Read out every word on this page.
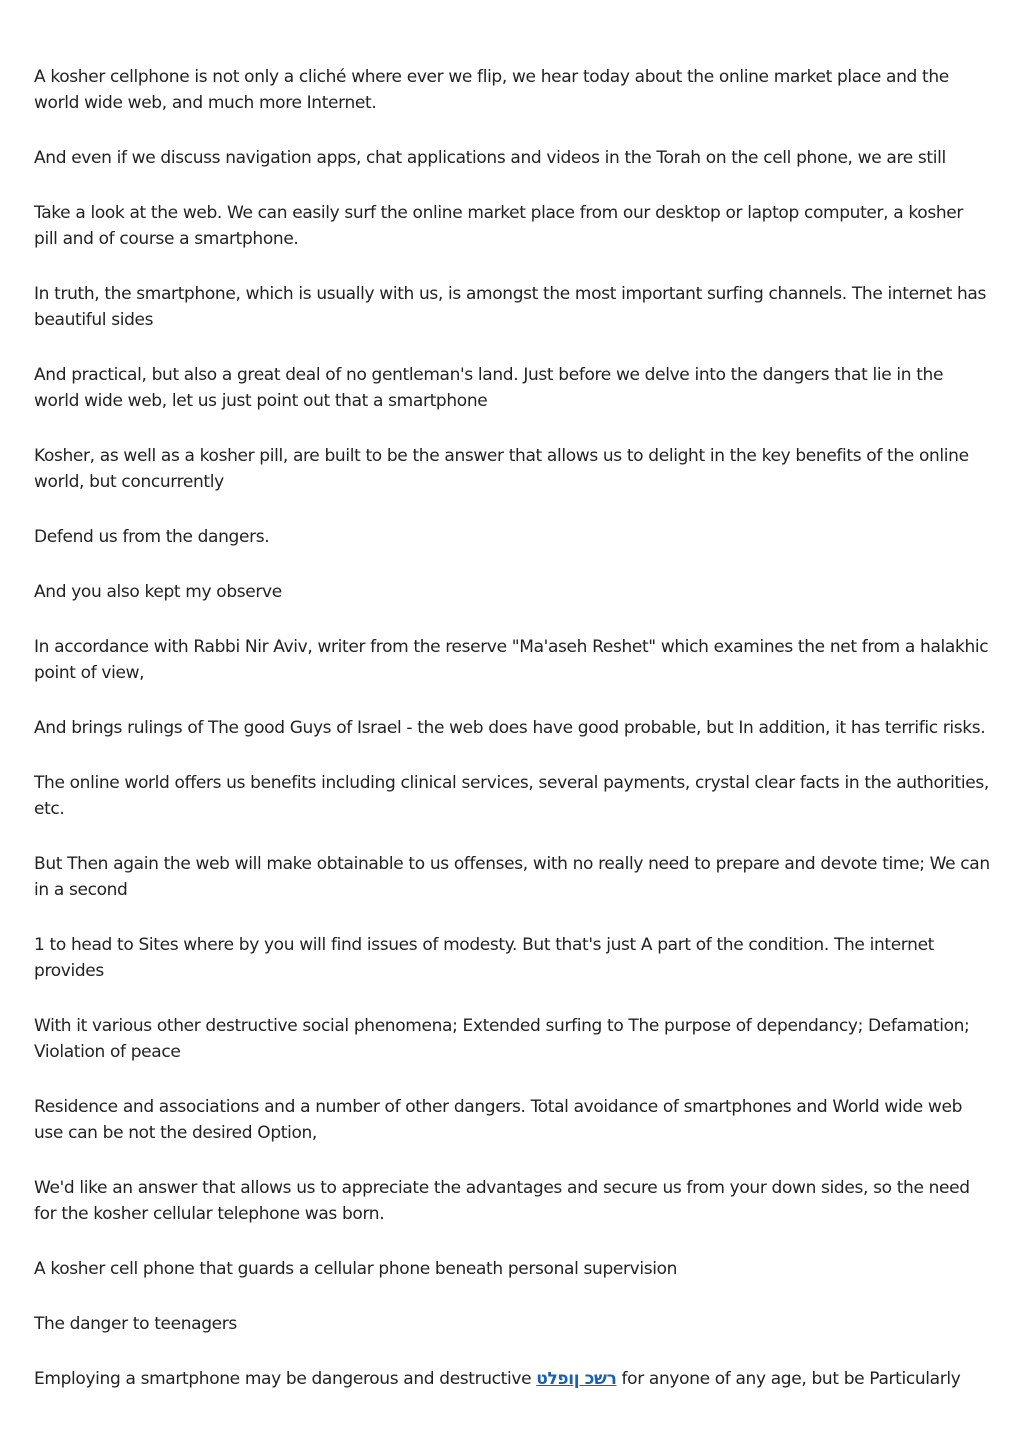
A kosher cellphone is not only a cliché where ever we flip, we hear today about the online market place and the world wide web, and much more Internet.

And even if we discuss navigation apps, chat applications and videos in the Torah on the cell phone, we are still

Take a look at the web. We can easily surf the online market place from our desktop or laptop computer, a kosher pill and of course a smartphone.

In truth, the smartphone, which is usually with us, is amongst the most important surfing channels. The internet has beautiful sides

And practical, but also a great deal of no gentleman's land. Just before we delve into the dangers that lie in the world wide web, let us just point out that a smartphone

Kosher, as well as a kosher pill, are built to be the answer that allows us to delight in the key benefits of the online world, but concurrently

Defend us from the dangers.

And you also kept my observe

In accordance with Rabbi Nir Aviv, writer from the reserve "Ma'aseh Reshet" which examines the net from a halakhic point of view,

And brings rulings of The good Guys of Israel - the web does have good probable, but In addition, it has terrific risks.

The online world offers us benefits including clinical services, several payments, crystal clear facts in the authorities, etc.

But Then again the web will make obtainable to us offenses, with no really need to prepare and devote time; We can in a second

1 to head to Sites where by you will find issues of modesty. But that's just A part of the condition. The internet provides

With it various other destructive social phenomena; Extended surfing to The purpose of dependancy; Defamation; Violation of peace

Residence and associations and a number of other dangers. Total avoidance of smartphones and World wide web use can be not the desired Option,

We'd like an answer that allows us to appreciate the advantages and secure us from your down sides, so the need for the kosher cellular telephone was born.

A kosher cell phone that guards a cellular phone beneath personal supervision

The danger to teenagers

Employing a smartphone may be dangerous and destructive רשכ ןופלט for anyone of any age, but be Particularly
